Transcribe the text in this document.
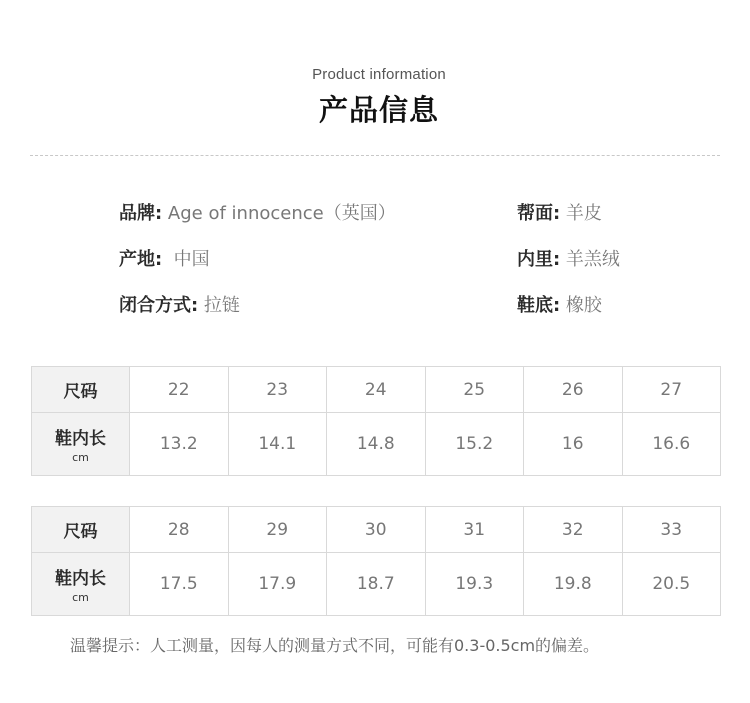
Product information
产品信息
品牌: Age of innocence（英国）	帮面: 羊皮
产地:  中国	内里: 羊羔绒
闭合方式: 拉链	鞋底: 橡胶
尺码	22	23	24	25	26	27

鞋内长
cm	13.2	14.1	14.8	15.2	16	16.6
尺码	28	29	30	31	32	33

鞋内长
cm	17.5	17.9	18.7	19.3	19.8	20.5
温馨提示：人工测量，因每人的测量方式不同，可能有0.3-0.5cm的偏差。
